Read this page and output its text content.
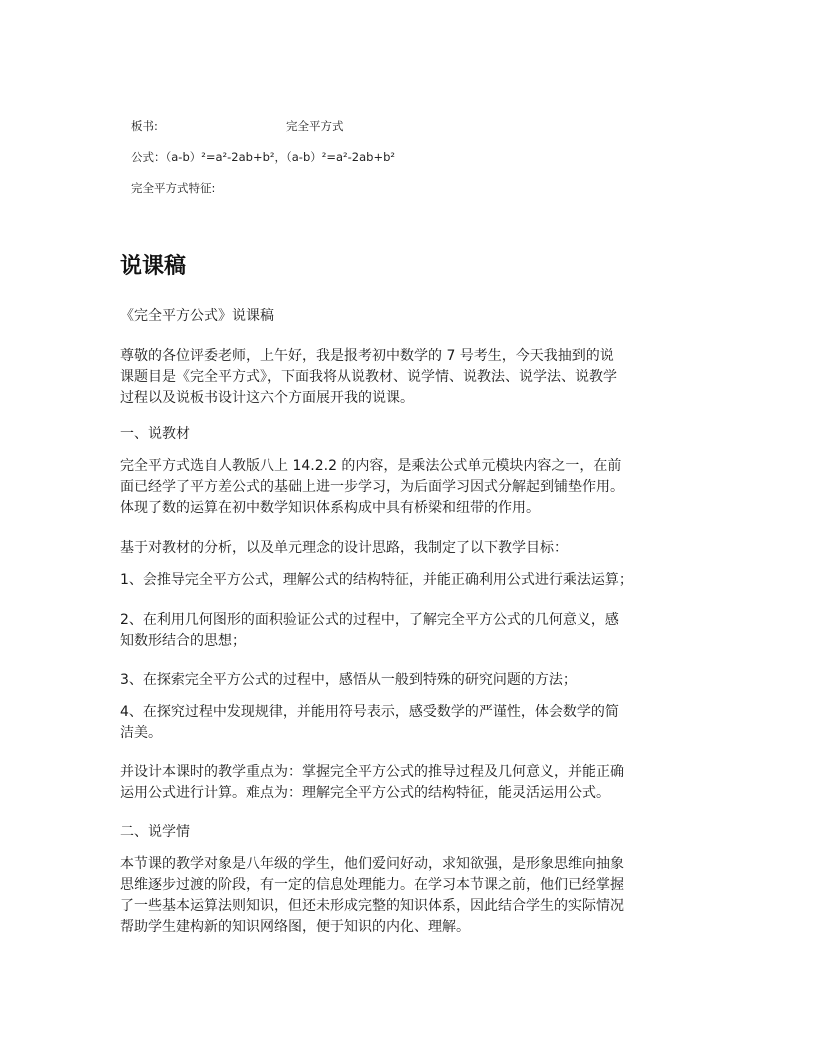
板书:	完全平方式
公式：（a-b）²=a²-2ab+b²，（a-b）²=a²-2ab+b²
完全平方式特征:
说课稿
《完全平方公式》说课稿
尊敬的各位评委老师，上午好，我是报考初中数学的 7 号考生，今天我抽到的说
课题目是《完全平方式》，下面我将从说教材、说学情、说教法、说学法、说教学
过程以及说板书设计这六个方面展开我的说课。
一、说教材
完全平方式选自人教版八上 14.2.2 的内容，是乘法公式单元模块内容之一，在前
面已经学了平方差公式的基础上进一步学习，为后面学习因式分解起到铺垫作用。
体现了数的运算在初中数学知识体系构成中具有桥梁和纽带的作用。
基于对教材的分析，以及单元理念的设计思路，我制定了以下教学目标：
1、会推导完全平方公式，理解公式的结构特征，并能正确利用公式进行乘法运算；
2、在利用几何图形的面积验证公式的过程中，了解完全平方公式的几何意义，感
知数形结合的思想；
3、在探索完全平方公式的过程中，感悟从一般到特殊的研究问题的方法；
4、在探究过程中发现规律，并能用符号表示，感受数学的严谨性，体会数学的简
洁美。
并设计本课时的教学重点为：掌握完全平方公式的推导过程及几何意义，并能正确
运用公式进行计算。难点为：理解完全平方公式的结构特征，能灵活运用公式。
二、说学情
本节课的教学对象是八年级的学生，他们爱问好动，求知欲强，是形象思维向抽象
思维逐步过渡的阶段，有一定的信息处理能力。在学习本节课之前，他们已经掌握
了一些基本运算法则知识，但还未形成完整的知识体系，因此结合学生的实际情况
帮助学生建构新的知识网络图，便于知识的内化、理解。
